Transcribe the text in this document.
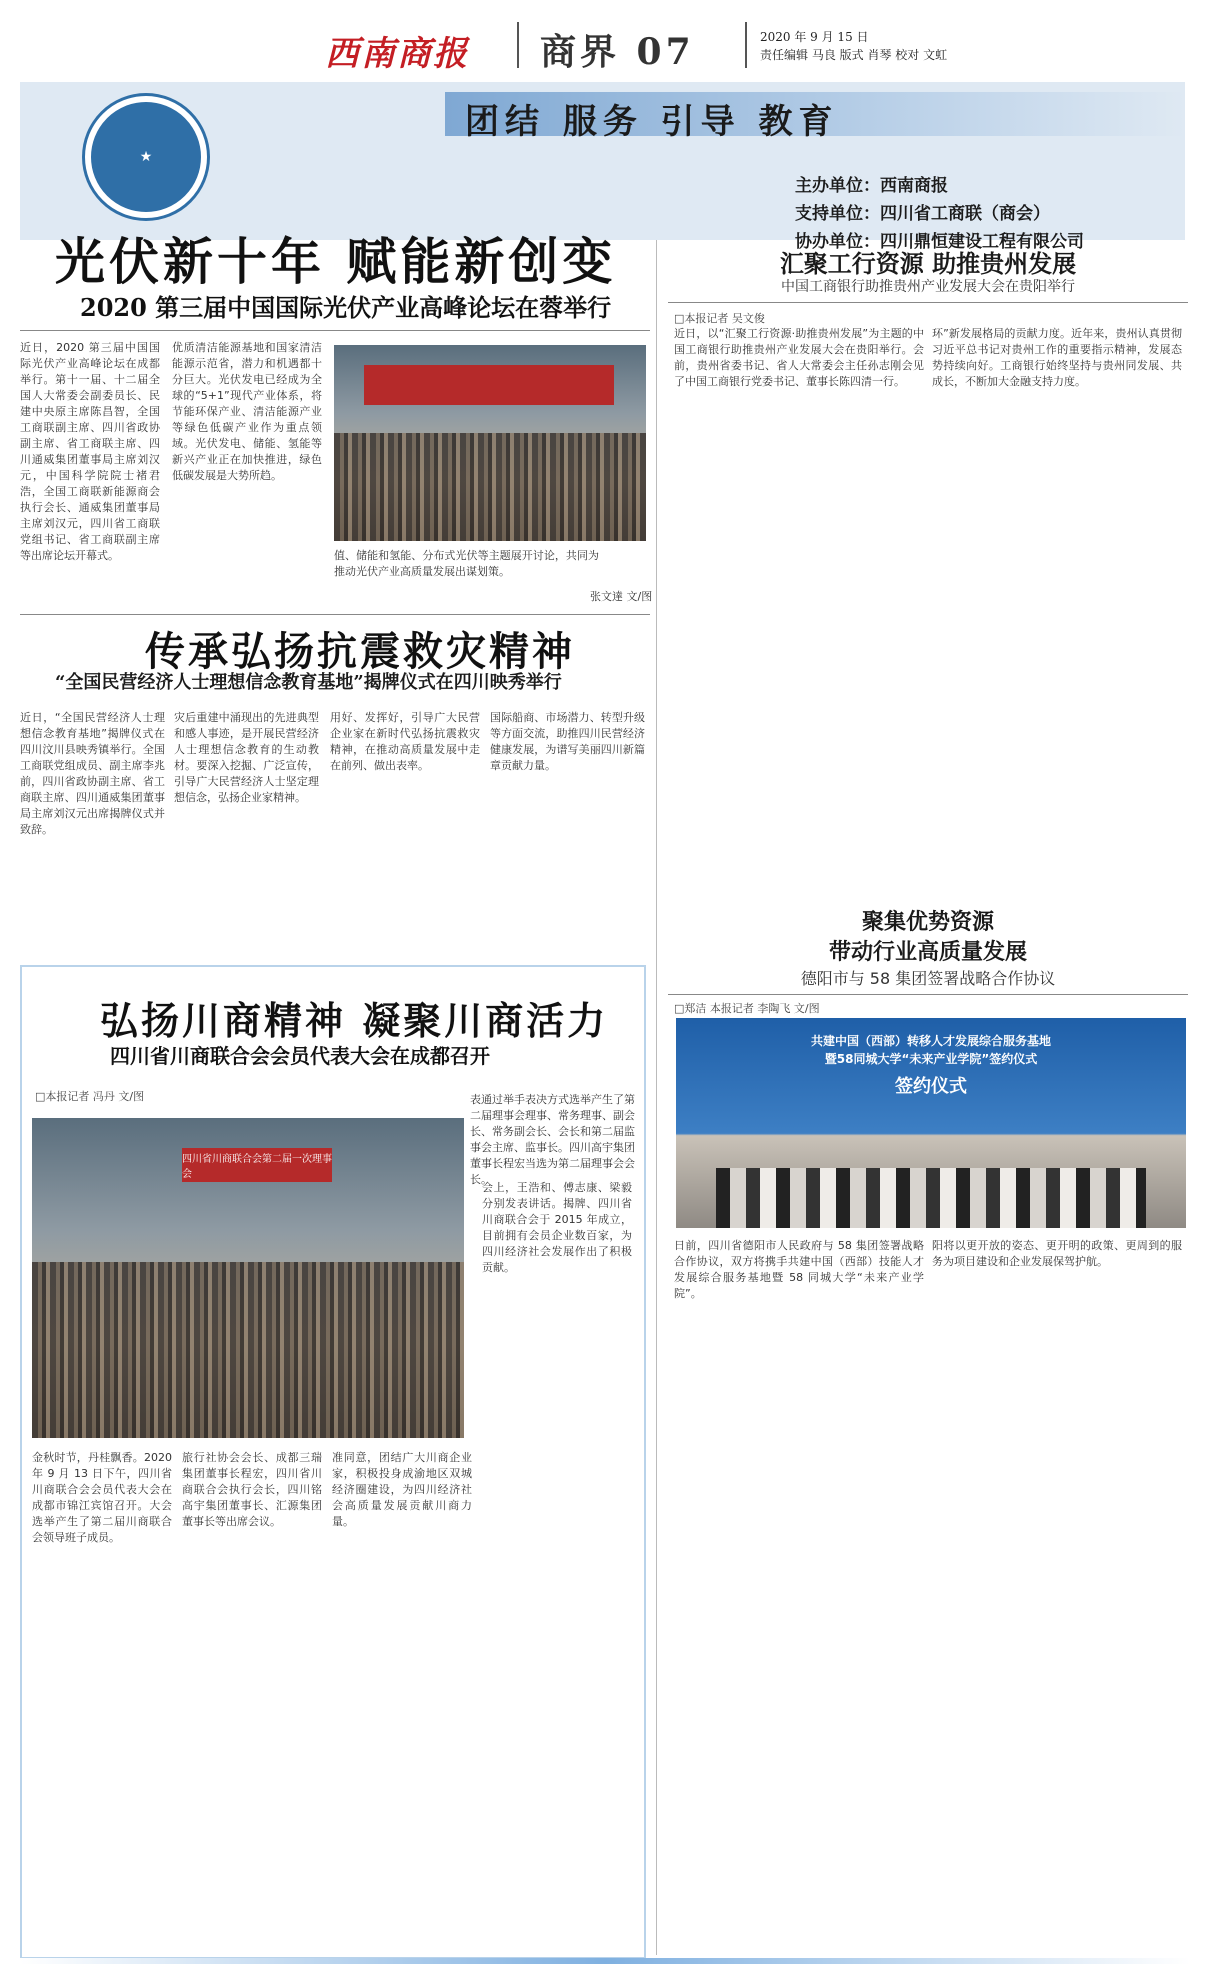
西南商报 商界 07	2020 年 9 月 15 日
责任编辑 马良 版式 肖琴 校对 文虹
团结 服务 引导 教育
★
主办单位：西南商报
支持单位：四川省工商联（商会）
协办单位：四川鼎恒建设工程有限公司
光伏新十年 赋能新创变
2020 第三届中国国际光伏产业高峰论坛在蓉举行
近日，2020 第三届中国国际光伏产业高峰论坛在成都举行。第十一届、十二届全国人大常委会副委员长、民建中央原主席陈昌智，全国工商联副主席、四川省政协副主席、省工商联主席、四川通威集团董事局主席刘汉元，中国科学院院士褚君浩，全国工商联新能源商会执行会长、通威集团董事局主席刘汉元，四川省工商联党组书记、省工商联副主席等出席论坛开幕式。
优质清洁能源基地和国家清洁能源示范省，潜力和机遇都十分巨大。光伏发电已经成为全球的“5+1”现代产业体系，将节能环保产业、清洁能源产业等绿色低碳产业作为重点领域。光伏发电、储能、氢能等新兴产业正在加快推进，绿色低碳发展是大势所趋。
值、储能和氢能、分布式光伏等主题展开讨论，共同为推动光伏产业高质量发展出谋划策。
张文達 文/图
传承弘扬抗震救灾精神
“全国民营经济人士理想信念教育基地”揭牌仪式在四川映秀举行
近日，“全国民营经济人士理想信念教育基地”揭牌仪式在四川汶川县映秀镇举行。全国工商联党组成员、副主席李兆前，四川省政协副主席、省工商联主席、四川通威集团董事局主席刘汉元出席揭牌仪式并致辞。
灾后重建中涌现出的先进典型和感人事迹，是开展民营经济人士理想信念教育的生动教材。要深入挖掘、广泛宣传，引导广大民营经济人士坚定理想信念，弘扬企业家精神。
用好、发挥好，引导广大民营企业家在新时代弘扬抗震救灾精神，在推动高质量发展中走在前列、做出表率。
国际船商、市场潜力、转型升级等方面交流，助推四川民营经济健康发展，为谱写美丽四川新篇章贡献力量。
弘扬川商精神 凝聚川商活力
四川省川商联合会会员代表大会在成都召开
□本报记者 冯丹 文/图	表通过举手表决方式选举产生了第二届理事会理事、常务理事、副会长、常务副会长、会长和第二届监事会主席、监事长。四川高宇集团董事长程宏当选为第二届理事会会长。
四川省川商联合会第二届一次理事会
金秋时节，丹桂飘香。2020 年 9 月 13 日下午，四川省川商联合会会员代表大会在成都市锦江宾馆召开。大会选举产生了第二届川商联合会领导班子成员。
旅行社协会会长、成都三瑞集团董事长程宏，四川省川商联合会执行会长，四川铭高宇集团董事长、汇源集团董事长等出席会议。
准同意，团结广大川商企业家，积极投身成渝地区双城经济圈建设，为四川经济社会高质量发展贡献川商力量。
会上，王浩和、傅志康、梁毅分别发表讲话。揭牌、四川省川商联合会于 2015 年成立，目前拥有会员企业数百家，为四川经济社会发展作出了积极贡献。
汇聚工行资源 助推贵州发展
中国工商银行助推贵州产业发展大会在贵阳举行
□本报记者 吴文俊
近日，以“汇聚工行资源·助推贵州发展”为主题的中国工商银行助推贵州产业发展大会在贵阳举行。会前，贵州省委书记、省人大常委会主任孙志刚会见了中国工商银行党委书记、董事长陈四清一行。
环”新发展格局的贡献力度。近年来，贵州认真贯彻习近平总书记对贵州工作的重要指示精神，发展态势持续向好。工商银行始终坚持与贵州同发展、共成长，不断加大金融支持力度。
聚集优势资源
带动行业高质量发展
德阳市与 58 集团签署战略合作协议
□郑洁 本报记者 李陶飞 文/图
共建中国（西部）转移人才发展综合服务基地
暨58同城大学“未来产业学院”签约仪式
签约仪式
日前，四川省德阳市人民政府与 58 集团签署战略合作协议，双方将携手共建中国（西部）技能人才发展综合服务基地暨 58 同城大学“未来产业学院”。
阳将以更开放的姿态、更开明的政策、更周到的服务为项目建设和企业发展保驾护航。
